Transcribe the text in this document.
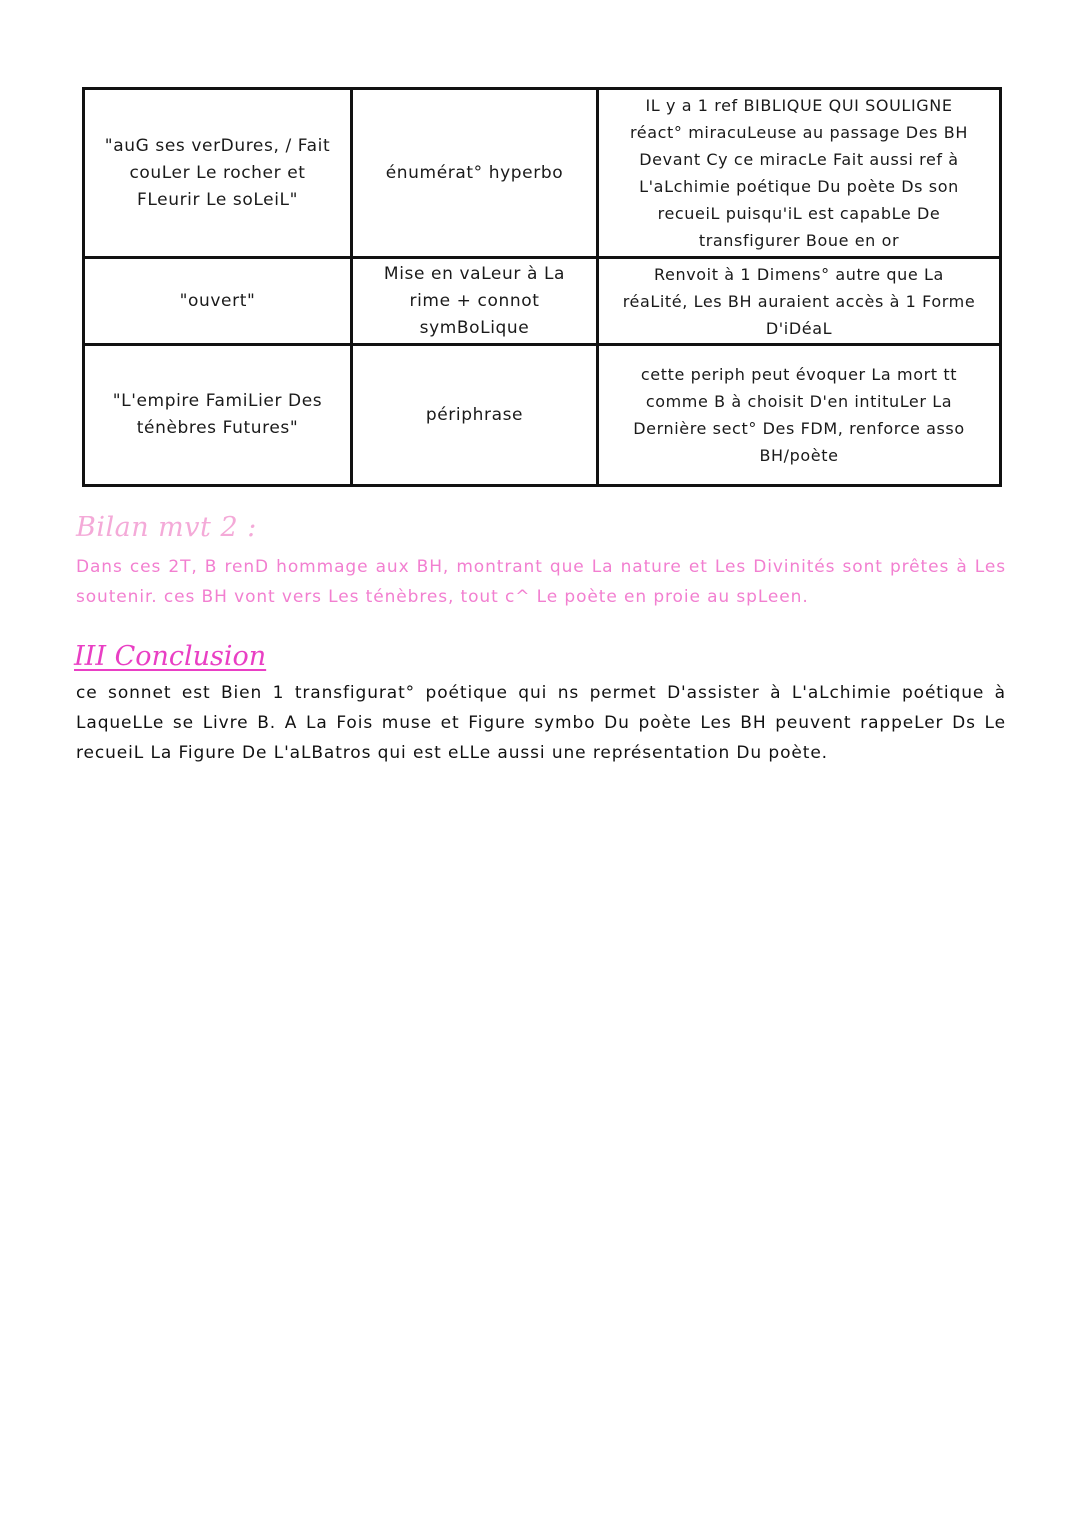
"auG ses verDures, / Fait couLer Le rocher et FLeurir Le soLeiL"	énumérat° hyperbo	IL y a 1 ref BIBLIQUE QUI SOULIGNE réact° miracuLeuse au passage Des BH Devant Cy ce miracLe Fait aussi ref à L'aLchimie poétique Du poète Ds son recueiL puisqu'iL est capabLe De transfigurer Boue en or
"ouvert"	Mise en vaLeur à La rime + connot symBoLique	Renvoit à 1 Dimens° autre que La réaLité, Les BH auraient accès à 1 Forme D'iDéaL
"L'empire FamiLier Des ténèbres Futures"	périphrase	cette periph peut évoquer La mort tt comme B à choisit D'en intituLer La Dernière sect° Des FDM, renforce asso BH/poète
Bilan mvt 2 :
Dans ces 2T, B renD hommage aux BH, montrant que La nature et Les Divinités sont prêtes à Les soutenir. ces BH vont vers Les ténèbres, tout c^ Le poète en proie au spLeen.
III Conclusion
ce sonnet est Bien 1 transfigurat° poétique qui ns permet D'assister à L'aLchimie poétique à LaqueLLe se Livre B. A La Fois muse et Figure symbo Du poète Les BH peuvent rappeLer Ds Le recueiL La Figure De L'aLBatros qui est eLLe aussi une représentation Du poète.
